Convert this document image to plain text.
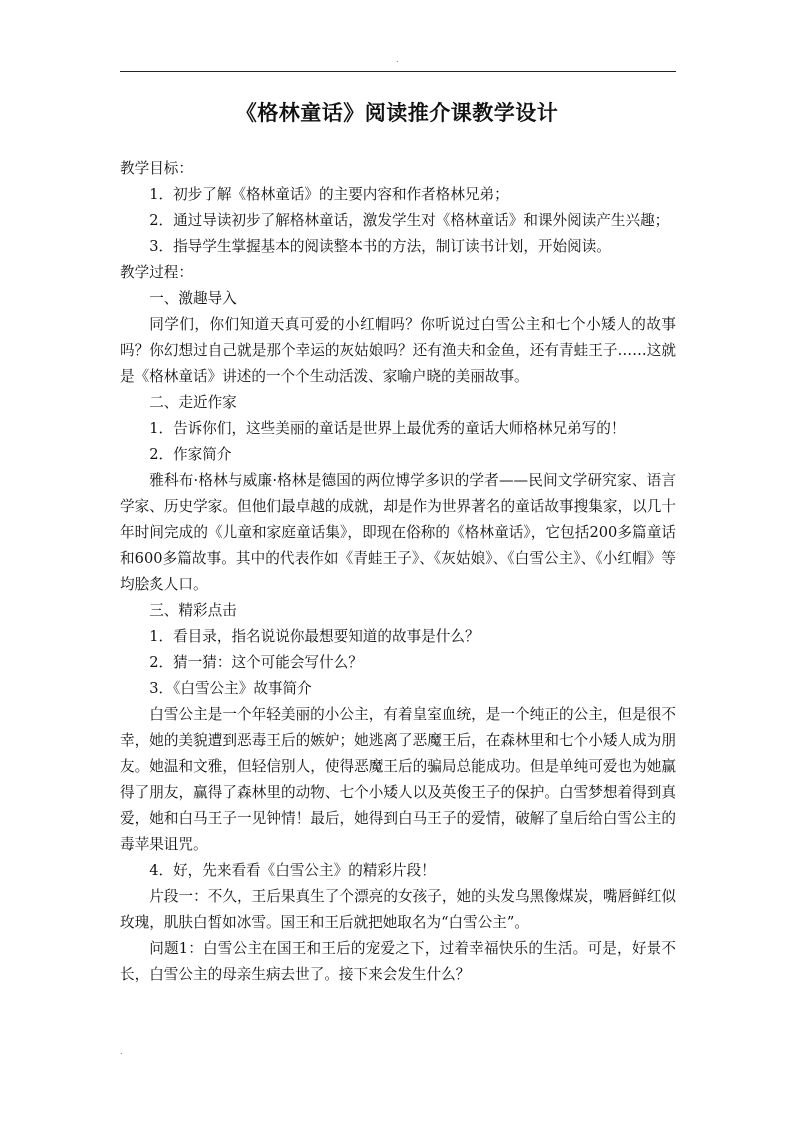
.
《格林童话》阅读推介课教学设计

教学目标：

1．初步了解《格林童话》的主要内容和作者格林兄弟；

2．通过导读初步了解格林童话，激发学生对《格林童话》和课外阅读产生兴趣；

3．指导学生掌握基本的阅读整本书的方法，制订读书计划，开始阅读。

教学过程：

一、激趣导入

同学们，你们知道天真可爱的小红帽吗？你听说过白雪公主和七个小矮人的故事吗？你幻想过自己就是那个幸运的灰姑娘吗？还有渔夫和金鱼，还有青蛙王子……这就是《格林童话》讲述的一个个生动活泼、家喻户晓的美丽故事。

二、走近作家

1．告诉你们，这些美丽的童话是世界上最优秀的童话大师格林兄弟写的！

2．作家简介

雅科布·格林与威廉·格林是德国的两位博学多识的学者——民间文学研究家、语言学家、历史学家。但他们最卓越的成就，却是作为世界著名的童话故事搜集家，以几十年时间完成的《儿童和家庭童话集》，即现在俗称的《格林童话》，它包括200多篇童话和600多篇故事。其中的代表作如《青蛙王子》、《灰姑娘》、《白雪公主》、《小红帽》等均脍炙人口。

三、精彩点击

1．看目录，指名说说你最想要知道的故事是什么？

2．猜一猜：这个可能会写什么？

3．《白雪公主》故事简介

白雪公主是一个年轻美丽的小公主，有着皇室血统，是一个纯正的公主，但是很不幸，她的美貌遭到恶毒王后的嫉妒；她逃离了恶魔王后，在森林里和七个小矮人成为朋友。她温和文雅，但轻信别人，使得恶魔王后的骗局总能成功。但是单纯可爱也为她赢得了朋友，赢得了森林里的动物、七个小矮人以及英俊王子的保护。白雪梦想着得到真爱，她和白马王子一见钟情！最后，她得到白马王子的爱情，破解了皇后给白雪公主的毒苹果诅咒。

4．好，先来看看《白雪公主》的精彩片段！

片段一：不久，王后果真生了个漂亮的女孩子，她的头发乌黑像煤炭，嘴唇鲜红似玫瑰，肌肤白皙如冰雪。国王和王后就把她取名为“白雪公主”。

问题1：白雪公主在国王和王后的宠爱之下，过着幸福快乐的生活。可是，好景不长，白雪公主的母亲生病去世了。接下来会发生什么？

.
